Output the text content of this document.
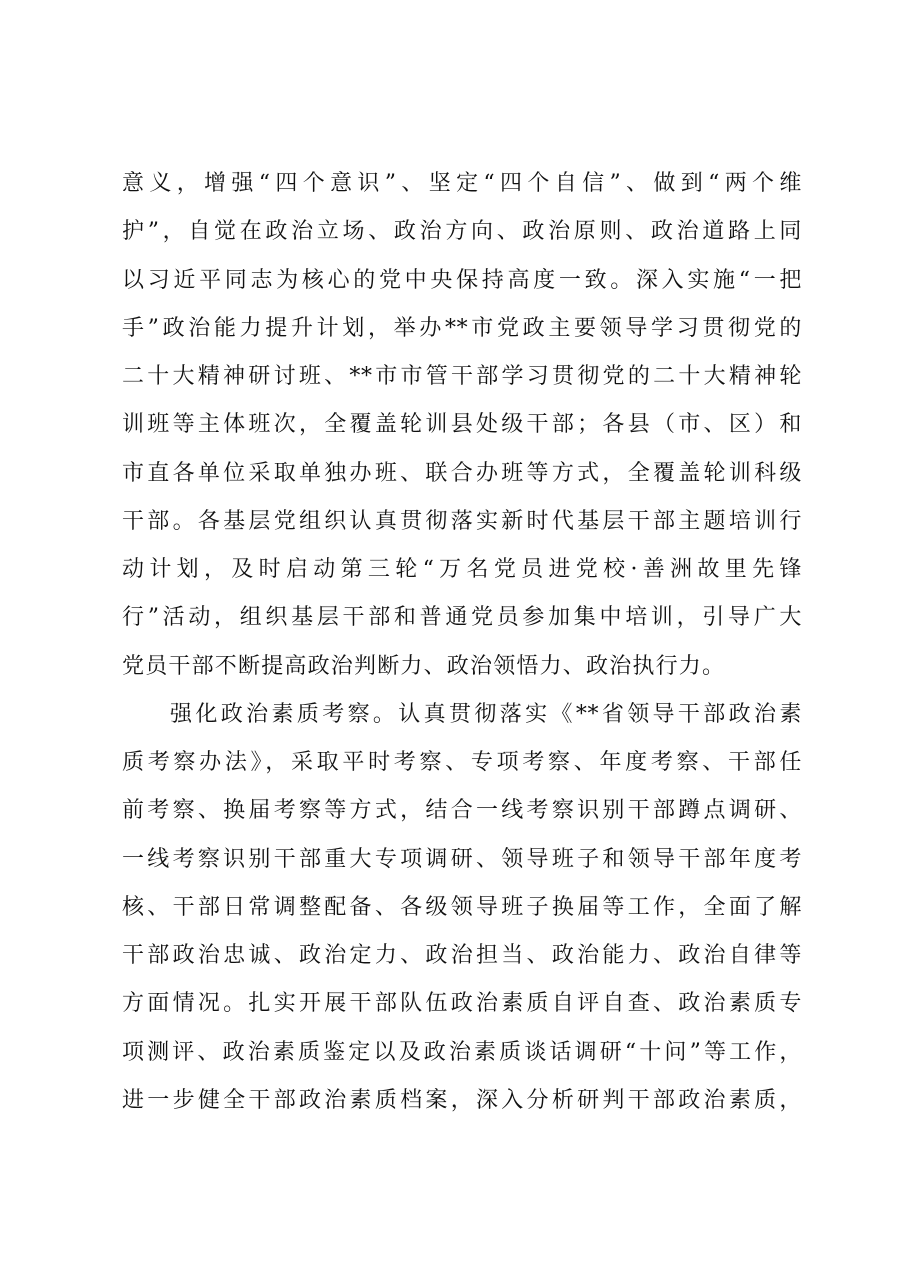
意义，增强“四个意识”、坚定“四个自信”、做到“两个维
护”，自觉在政治立场、政治方向、政治原则、政治道路上同
以习近平同志为核心的党中央保持高度一致。深入实施“一把
手”政治能力提升计划，举办**市党政主要领导学习贯彻党的
二十大精神研讨班、**市市管干部学习贯彻党的二十大精神轮
训班等主体班次，全覆盖轮训县处级干部；各县（市、区）和
市直各单位采取单独办班、联合办班等方式，全覆盖轮训科级
干部。各基层党组织认真贯彻落实新时代基层干部主题培训行
动计划，及时启动第三轮“万名党员进党校·善洲故里先锋
行”活动，组织基层干部和普通党员参加集中培训，引导广大
党员干部不断提高政治判断力、政治领悟力、政治执行力。
强化政治素质考察。认真贯彻落实《**省领导干部政治素
质考察办法》，采取平时考察、专项考察、年度考察、干部任
前考察、换届考察等方式，结合一线考察识别干部蹲点调研、
一线考察识别干部重大专项调研、领导班子和领导干部年度考
核、干部日常调整配备、各级领导班子换届等工作，全面了解
干部政治忠诚、政治定力、政治担当、政治能力、政治自律等
方面情况。扎实开展干部队伍政治素质自评自查、政治素质专
项测评、政治素质鉴定以及政治素质谈话调研“十问”等工作，
进一步健全干部政治素质档案，深入分析研判干部政治素质，
